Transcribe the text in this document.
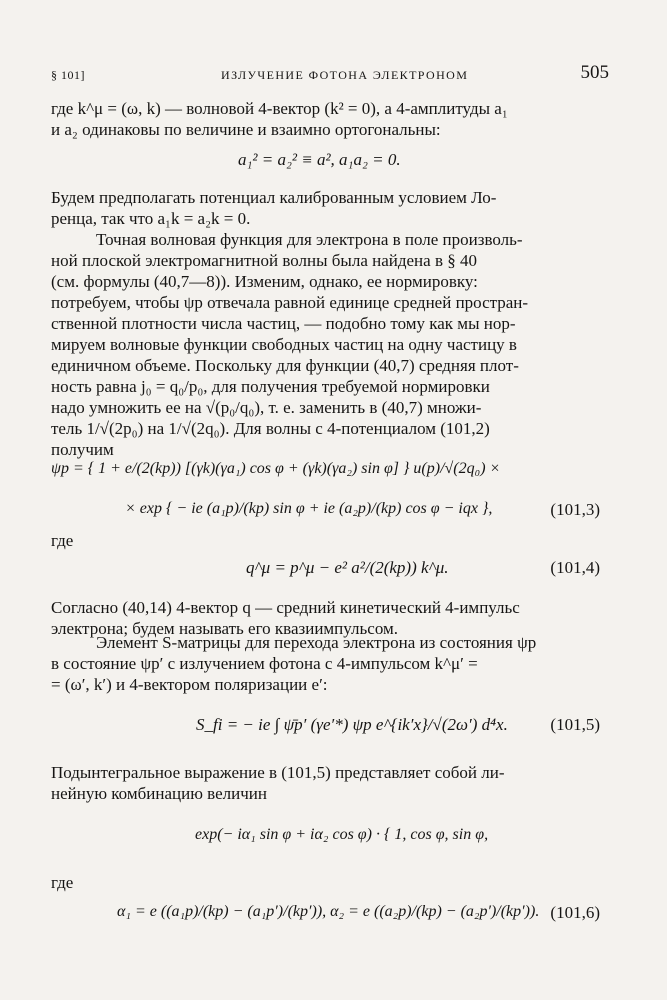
§ 101]	ИЗЛУЧЕНИЕ ФОТОНА ЭЛЕКТРОНОМ	505
где k^μ = (ω, k) — волновой 4-вектор (k² = 0), а 4-амплитуды a₁
и a₂ одинаковы по величине и взаимно ортогональны:
a₁² = a₂² ≡ a², a₁a₂ = 0.
Будем предполагать потенциал калиброванным условием Ло-
ренца, так что a₁k = a₂k = 0.
Точная волновая функция для электрона в поле произволь-
ной плоской электромагнитной волны была найдена в § 40
(см. формулы (40,7—8)). Изменим, однако, ее нормировку:
потребуем, чтобы ψp отвечала равной единице средней простран-
ственной плотности числа частиц, — подобно тому как мы нор-
мируем волновые функции свободных частиц на одну частицу в
единичном объеме. Поскольку для функции (40,7) средняя плот-
ность равна j₀ = q₀/p₀, для получения требуемой нормировки
надо умножить ее на √(p₀/q₀), т. е. заменить в (40,7) множи-
тель 1/√(2p₀) на 1/√(2q₀). Для волны с 4-потенциалом (101,2)
получим
ψp = { 1 + e/(2(kp)) [(γk)(γa₁) cos φ + (γk)(γa₂) sin φ] } u(p)/√(2q₀) ×
× exp { − ie (a₁p)/(kp) sin φ + ie (a₂p)/(kp) cos φ − iqx },	(101,3)
где
q^μ = p^μ − e² a²/(2(kp)) k^μ.	(101,4)
Согласно (40,14) 4-вектор q — средний кинетический 4-импульс
электрона; будем называть его квазиимпульсом.
Элемент S-матрицы для перехода электрона из состояния ψp
в состояние ψp′ с излучением фотона с 4-импульсом k^μ′ =
= (ω′, k′) и 4-вектором поляризации e′:
S_fi = − ie ∫ ψ̄p′ (γe′*) ψp e^{ik′x}/√(2ω′) d⁴x.	(101,5)
Подынтегральное выражение в (101,5) представляет собой ли-
нейную комбинацию величин
exp(− iα₁ sin φ + iα₂ cos φ) · { 1, cos φ, sin φ,
где
α₁ = e ((a₁p)/(kp) − (a₁p′)/(kp′)), α₂ = e ((a₂p)/(kp) − (a₂p′)/(kp′)). (101,6)
